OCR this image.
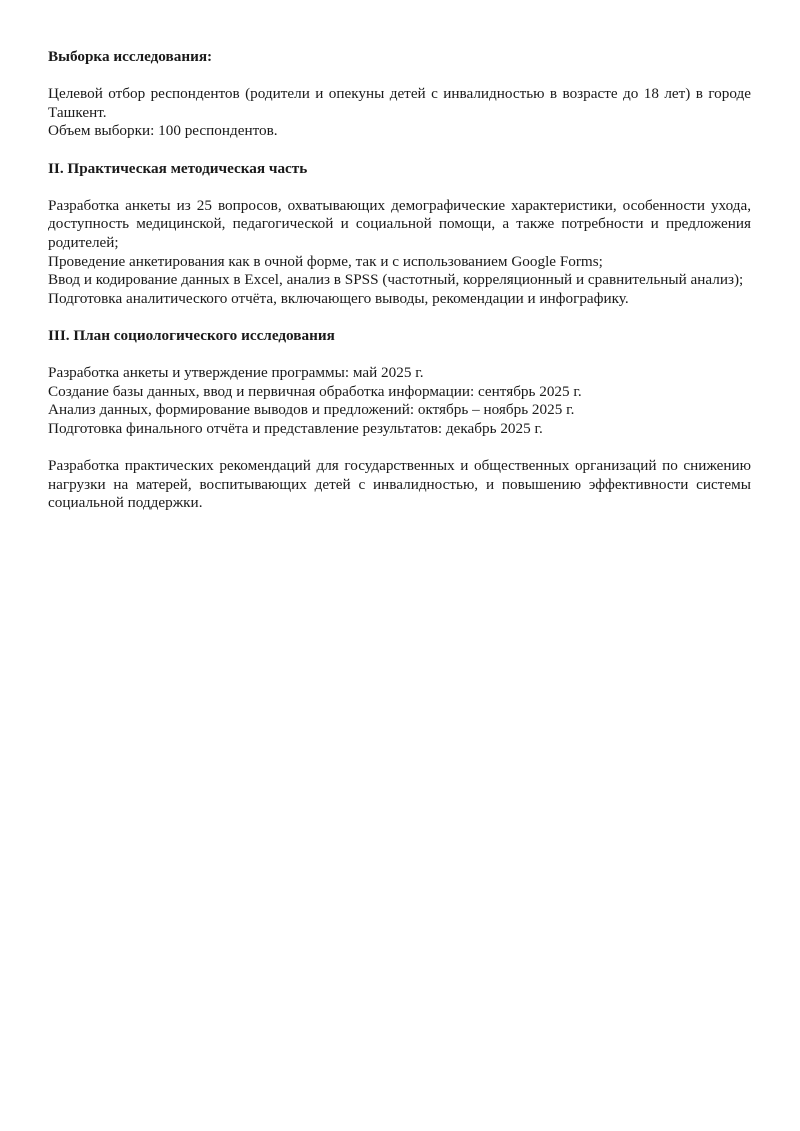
Выборка исследования:

Целевой отбор респондентов (родители и опекуны детей с инвалидностью в возрасте до 18 лет) в городе Ташкент.

Объем выборки: 100 респондентов.

II. Практическая методическая часть

Разработка анкеты из 25 вопросов, охватывающих демографические характеристики, особенности ухода, доступность медицинской, педагогической и социальной помощи, а также потребности и предложения родителей;

Проведение анкетирования как в очной форме, так и с использованием Google Forms;

Ввод и кодирование данных в Excel, анализ в SPSS (частотный, корреляционный и сравнительный анализ);

Подготовка аналитического отчёта, включающего выводы, рекомендации и инфографику.

III. План социологического исследования

Разработка анкеты и утверждение программы: май 2025 г.

Создание базы данных, ввод и первичная обработка информации: сентябрь 2025 г.

Анализ данных, формирование выводов и предложений: октябрь – ноябрь 2025 г.

Подготовка финального отчёта и представление результатов: декабрь 2025 г.

Разработка практических рекомендаций для государственных и общественных организаций по снижению нагрузки на матерей, воспитывающих детей с инвалидностью, и повышению эффективности системы социальной поддержки.
